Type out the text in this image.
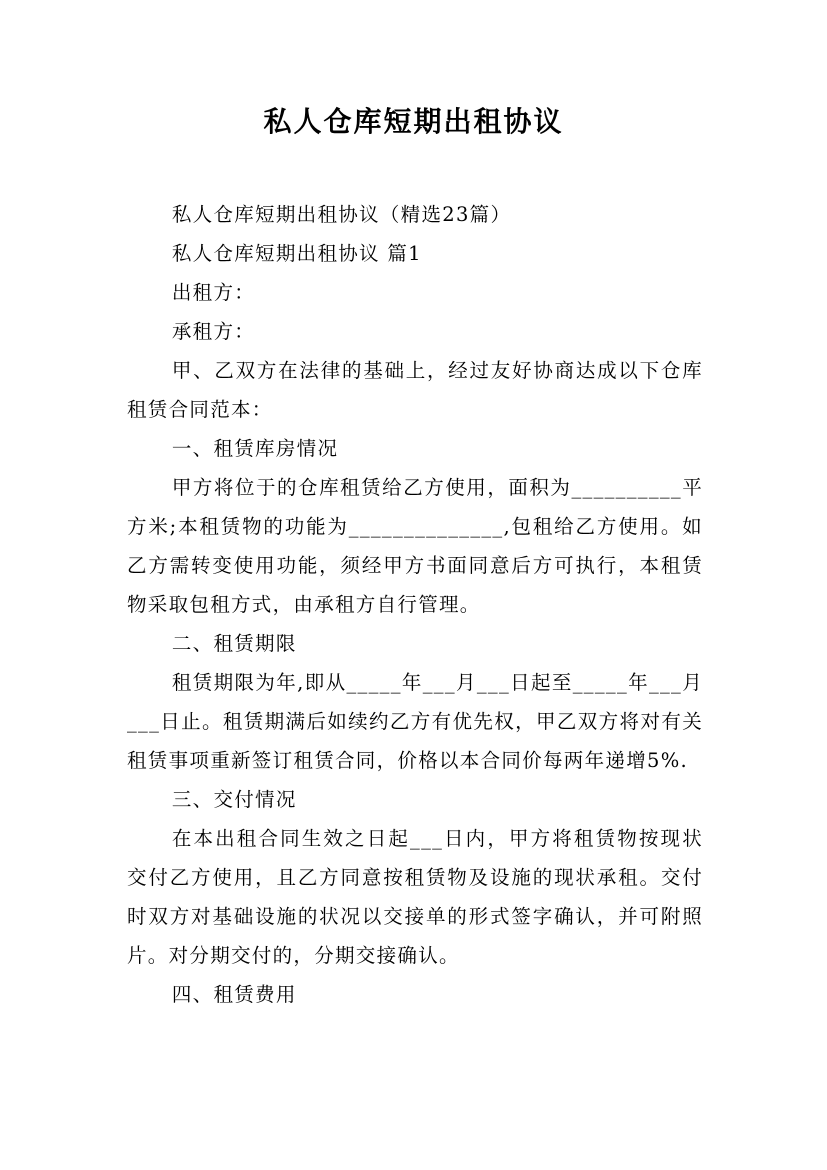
私人仓库短期出租协议

私人仓库短期出租协议（精选23篇）

私人仓库短期出租协议 篇1

出租方：

承租方：

甲、乙双方在法律的基础上，经过友好协商达成以下仓库租赁合同范本：

一、租赁库房情况

甲方将位于的仓库租赁给乙方使用，面积为__________平方米;本租赁物的功能为______________,包租给乙方使用。如乙方需转变使用功能，须经甲方书面同意后方可执行，本租赁物采取包租方式，由承租方自行管理。

二、租赁期限

租赁期限为年,即从_____年___月___日起至_____年___月___日止。租赁期满后如续约乙方有优先权，甲乙双方将对有关租赁事项重新签订租赁合同，价格以本合同价每两年递增5%.

三、交付情况

在本出租合同生效之日起___日内，甲方将租赁物按现状交付乙方使用，且乙方同意按租赁物及设施的现状承租。交付时双方对基础设施的状况以交接单的形式签字确认，并可附照片。对分期交付的，分期交接确认。

四、租赁费用
